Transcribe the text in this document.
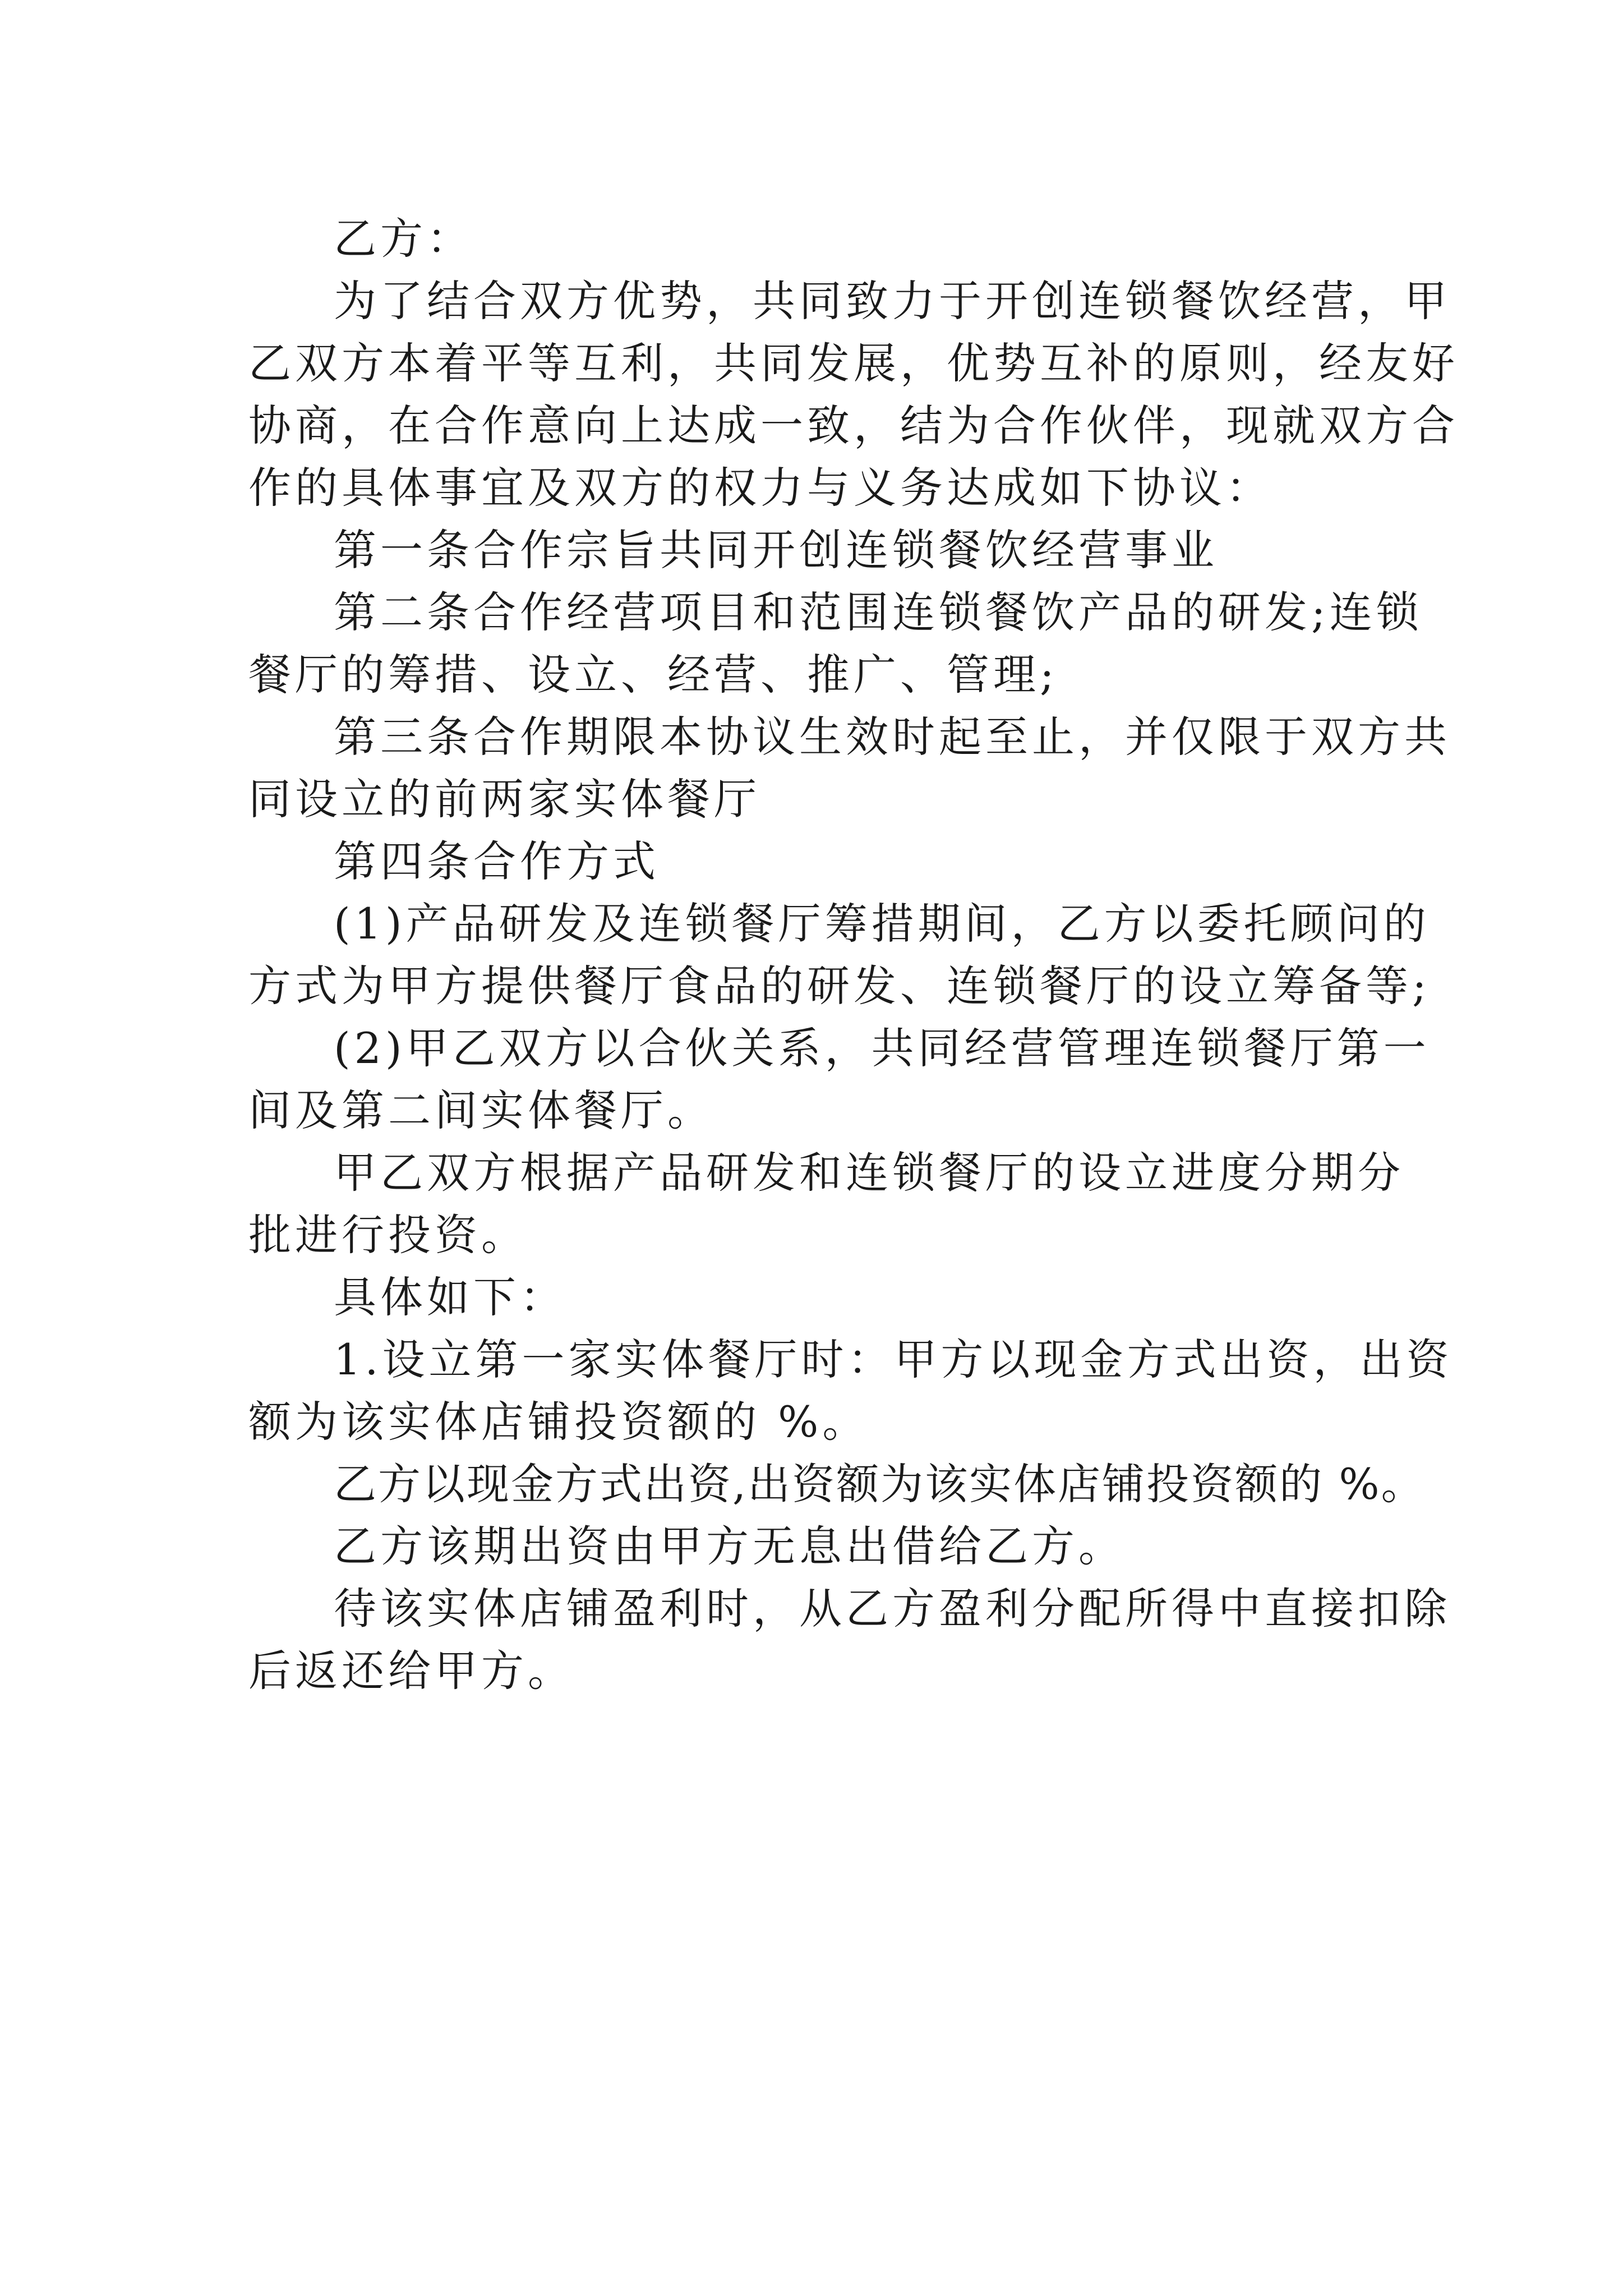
乙方：

为了结合双方优势，共同致力于开创连锁餐饮经营，甲
乙双方本着平等互利，共同发展，优势互补的原则，经友好
协商，在合作意向上达成一致，结为合作伙伴，现就双方合
作的具体事宜及双方的权力与义务达成如下协议：

第一条合作宗旨共同开创连锁餐饮经营事业

第二条合作经营项目和范围连锁餐饮产品的研发;连锁
餐厅的筹措、设立、经营、推广、管理;

第三条合作期限本协议生效时起至止，并仅限于双方共
同设立的前两家实体餐厅

第四条合作方式

(1)产品研发及连锁餐厅筹措期间，乙方以委托顾问的
方式为甲方提供餐厅食品的研发、连锁餐厅的设立筹备等;

(2)甲乙双方以合伙关系，共同经营管理连锁餐厅第一
间及第二间实体餐厅。

甲乙双方根据产品研发和连锁餐厅的设立进度分期分
批进行投资。

具体如下：

1.设立第一家实体餐厅时：甲方以现金方式出资，出资
额为该实体店铺投资额的 %。

乙方以现金方式出资,出资额为该实体店铺投资额的 %。

乙方该期出资由甲方无息出借给乙方。

待该实体店铺盈利时，从乙方盈利分配所得中直接扣除
后返还给甲方。
